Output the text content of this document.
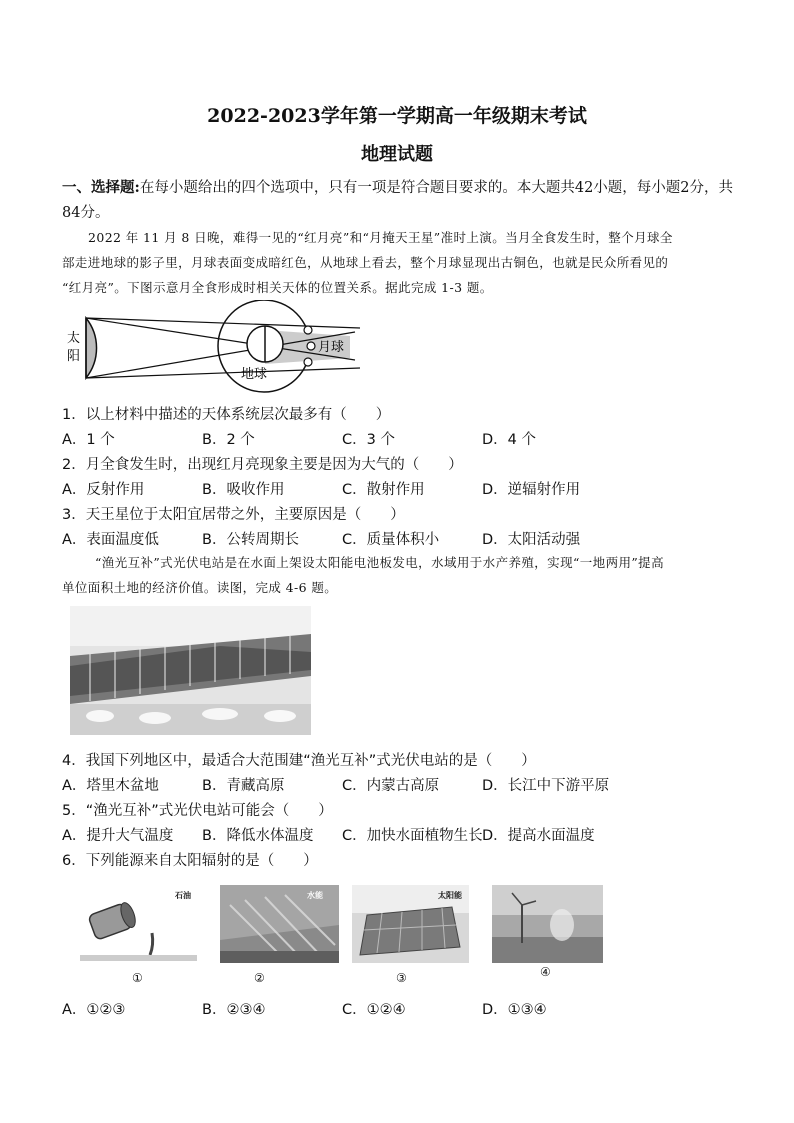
2022-2023学年第一学期高一年级期末考试
地理试题
一、选择题:在每小题给出的四个选项中，只有一项是符合题目要求的。本大题共42小题，每小题2分，共
84分。
2022 年 11 月 8 日晚，难得一见的“红月亮”和“月掩天王星”准时上演。当月全食发生时，整个月球全
部走进地球的影子里，月球表面变成暗红色，从地球上看去，整个月球显现出古铜色，也就是民众所看见的
“红月亮”。下图示意月全食形成时相关天体的位置关系。据此完成 1-3 题。
太
阳
地球
月球
1．以上材料中描述的天体系统层次最多有（　　）
A．1 个	B．2 个	C．3 个	D．4 个
2．月全食发生时，出现红月亮现象主要是因为大气的（　　）
A．反射作用	B．吸收作用	C．散射作用	D．逆辐射作用
3．天王星位于太阳宜居带之外，主要原因是（　　）
A．表面温度低	B．公转周期长	C．质量体积小	D．太阳活动强
“渔光互补”式光伏电站是在水面上架设太阳能电池板发电，水域用于水产养殖，实现“一地两用”提高
单位面积土地的经济价值。读图，完成 4-6 题。
4．我国下列地区中，最适合大范围建“渔光互补”式光伏电站的是（　　）
A．塔里木盆地	B．青藏高原	C．内蒙古高原	D．长江中下游平原
5．“渔光互补”式光伏电站可能会（　　）
A．提升大气温度 B．降低水体温度 C．加快水面植物生长 D．提高水面温度
6．下列能源来自太阳辐射的是（　　）
石油
①
水能
②
太阳能
③	④
A．①②③	B．②③④	C．①②④	D．①③④
